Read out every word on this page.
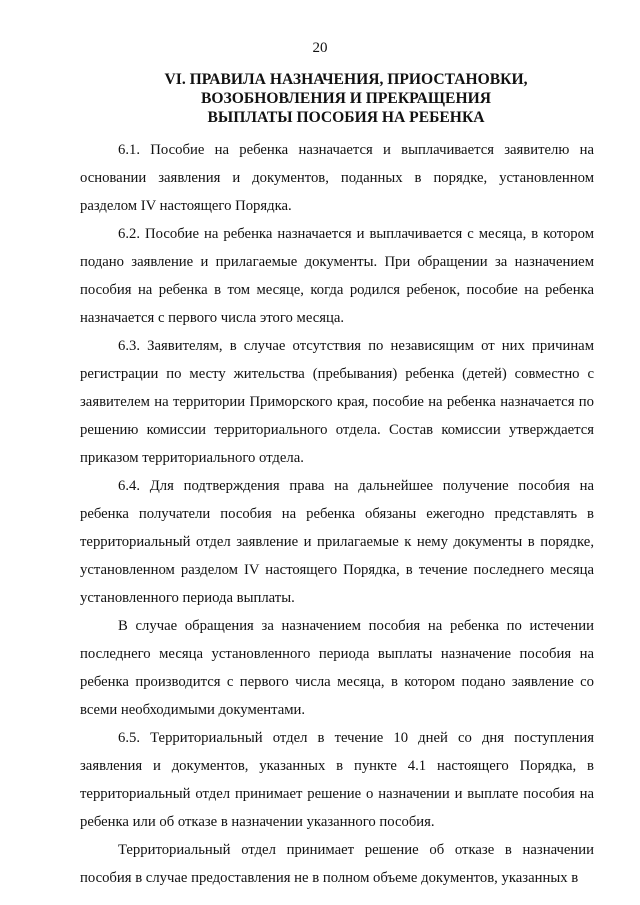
20
VI. ПРАВИЛА НАЗНАЧЕНИЯ, ПРИОСТАНОВКИ,
ВОЗОБНОВЛЕНИЯ И ПРЕКРАЩЕНИЯ
ВЫПЛАТЫ ПОСОБИЯ НА РЕБЕНКА

6.1. Пособие на ребенка назначается и выплачивается заявителю на основании заявления и документов, поданных в порядке, установленном разделом IV настоящего Порядка.

6.2. Пособие на ребенка назначается и выплачивается с месяца, в котором подано заявление и прилагаемые документы. При обращении за назначением пособия на ребенка в том месяце, когда родился ребенок, пособие на ребенка назначается с первого числа этого месяца.

6.3. Заявителям, в случае отсутствия по независящим от них причинам регистрации по месту жительства (пребывания) ребенка (детей) совместно с заявителем на территории Приморского края, пособие на ребенка назначается по решению комиссии территориального отдела. Состав комиссии утверждается приказом территориального отдела.

6.4. Для подтверждения права на дальнейшее получение пособия на ребенка получатели пособия на ребенка обязаны ежегодно представлять в территориальный отдел заявление и прилагаемые к нему документы в порядке, установленном разделом IV настоящего Порядка, в течение последнего месяца установленного периода выплаты.

В случае обращения за назначением пособия на ребенка по истечении последнего месяца установленного периода выплаты назначение пособия на ребенка производится с первого числа месяца, в котором подано заявление со всеми необходимыми документами.

6.5. Территориальный отдел в течение 10 дней со дня поступления заявления и документов, указанных в пункте 4.1 настоящего Порядка, в территориальный отдел принимает решение о назначении и выплате пособия на ребенка или об отказе в назначении указанного пособия.

Территориальный отдел принимает решение об отказе в назначении пособия в случае предоставления не в полном объеме документов, указанных в
